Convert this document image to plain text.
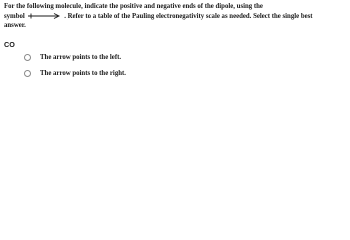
For the following molecule, indicate the positive and negative ends of the dipole, using the
symbol	. Refer to a table of the Pauling electronegativity scale as needed. Select the single best
answer.
CO
The arrow points to the left.
The arrow points to the right.
